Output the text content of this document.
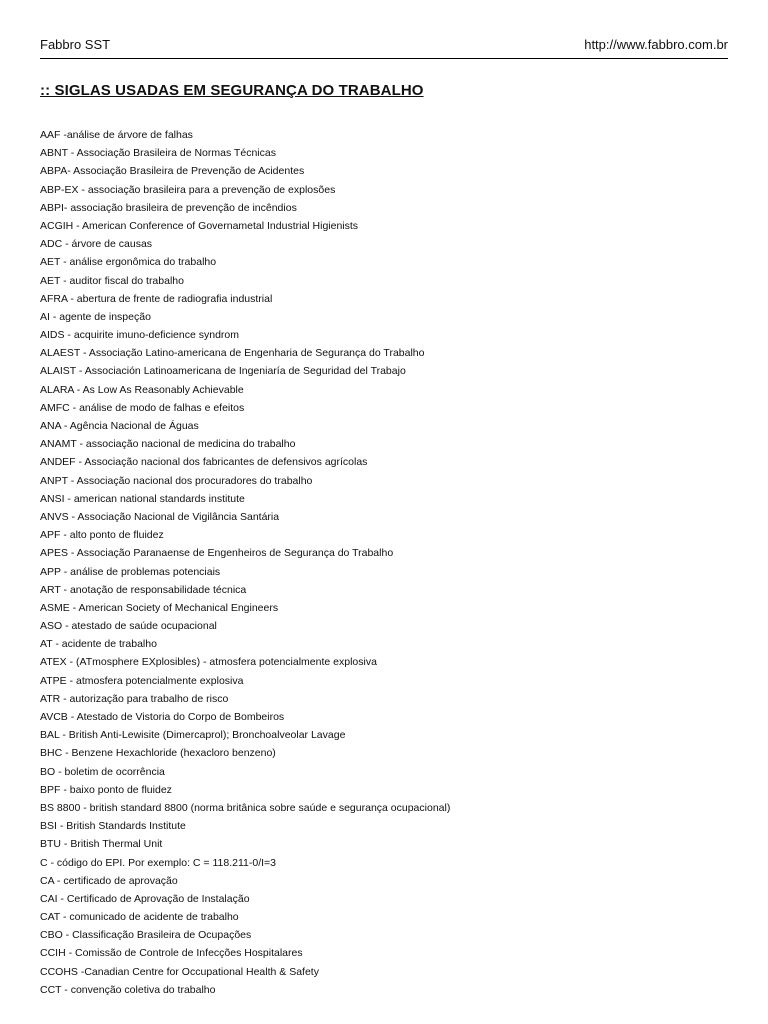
Fabbro SST	http://www.fabbro.com.br
:: SIGLAS USADAS EM SEGURANÇA DO TRABALHO
AAF -análise de árvore de falhas
ABNT - Associação Brasileira de Normas Técnicas
ABPA- Associação Brasileira de Prevenção de Acidentes
ABP-EX - associação brasileira para a prevenção de explosões
ABPI- associação brasileira de prevenção de incêndios
ACGIH - American Conference of Governametal Industrial Higienists
ADC - árvore de causas
AET - análise ergonômica do trabalho
AET - auditor fiscal do trabalho
AFRA - abertura de frente de radiografia industrial
AI - agente de inspeção
AIDS - acquirite imuno-deficience syndrom
ALAEST - Associação Latino-americana de Engenharia de Segurança do Trabalho
ALAIST - Associación Latinoamericana de Ingeniaría de Seguridad del Trabajo
ALARA - As Low As Reasonably Achievable
AMFC - análise de modo de falhas e efeitos
ANA - Agência Nacional de Águas
ANAMT - associação nacional de medicina do trabalho
ANDEF - Associação nacional dos fabricantes de defensivos agrícolas
ANPT - Associação nacional dos procuradores do trabalho
ANSI - american national standards institute
ANVS - Associação Nacional de Vigilância Santária
APF - alto ponto de fluidez
APES - Associação Paranaense de Engenheiros de Segurança do Trabalho
APP - análise de problemas potenciais
ART - anotação de responsabilidade técnica
ASME - American Society of Mechanical Engineers
ASO - atestado de saúde ocupacional
AT - acidente de trabalho
ATEX - (ATmosphere EXplosibles) - atmosfera potencialmente explosiva
ATPE - atmosfera potencialmente explosiva
ATR - autorização para trabalho de risco
AVCB - Atestado de Vistoria do Corpo de Bombeiros
BAL - British Anti-Lewisite (Dimercaprol); Bronchoalveolar Lavage
BHC - Benzene Hexachloride (hexacloro benzeno)
BO - boletim de ocorrência
BPF - baixo ponto de fluidez
BS 8800 - british standard 8800 (norma britânica sobre saúde e segurança ocupacional)
BSI - British Standards Institute
BTU - British Thermal Unit
C - código do EPI. Por exemplo: C = 118.211-0/I=3
CA - certificado de aprovação
CAI - Certificado de Aprovação de Instalação
CAT - comunicado de acidente de trabalho
CBO - Classificação Brasileira de Ocupações
CCIH - Comissão de Controle de Infecções Hospitalares
CCOHS -Canadian Centre for Occupational Health & Safety
CCT - convenção coletiva do trabalho
